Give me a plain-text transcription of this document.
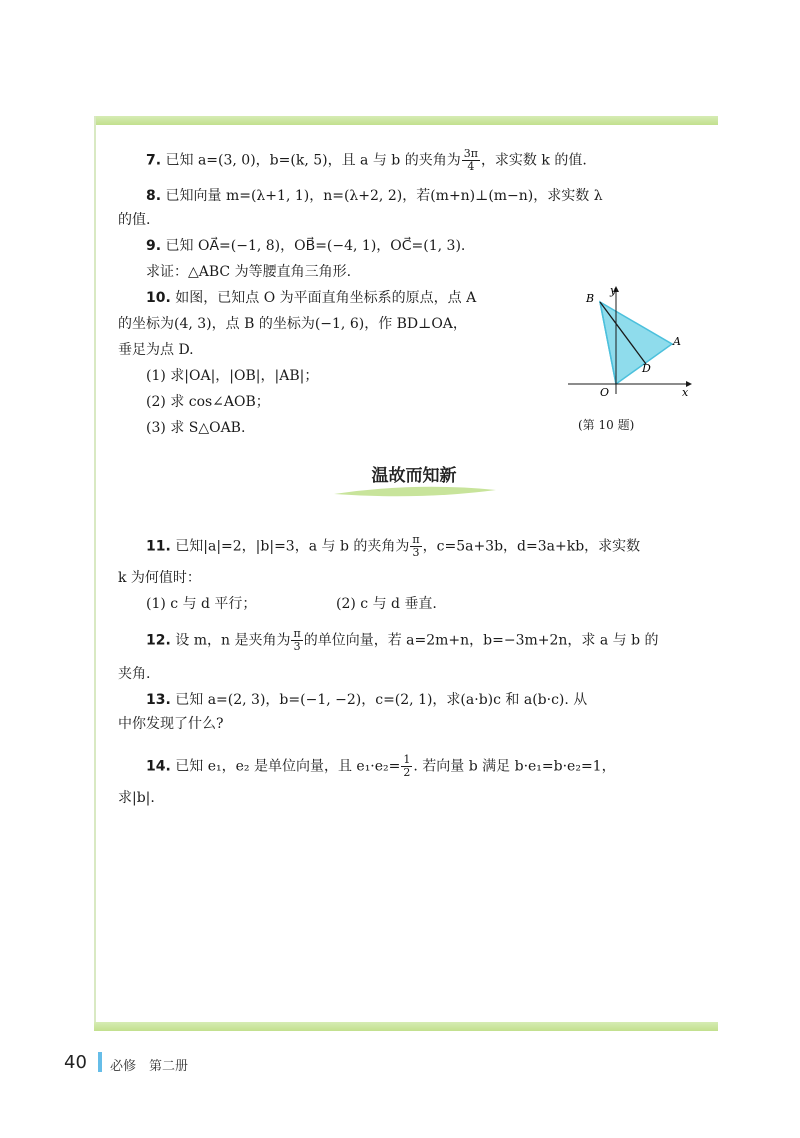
7. 已知 a=(3, 0)，b=(k, 5)，且 a 与 b 的夹角为 $\frac{3\pi}{4}$ ，求实数 k 的值.
8. 已知向量 m=(λ+1, 1)，n=(λ+2, 2)，若(m+n)⊥(m−n)，求实数 λ
的值.
9. 已知 OA⃗=(−1, 8)，OB⃗=(−4, 1)，OC⃗=(1, 3).
求证：△ABC 为等腰直角三角形.
10. 如图，已知点 O 为平面直角坐标系的原点，点 A
的坐标为(4, 3)，点 B 的坐标为(−1, 6)，作 BD⊥OA，
垂足为点 D.
(1) 求|OA|，|OB|，|AB|；
(2) 求 cos∠AOB；
(3) 求 S△OAB.
B
y
A
D
O	x
(第 10 题)
温故而知新
11. 已知|a|=2，|b|=3，a 与 b 的夹角为 $\frac{\pi}{3}$ ，c=5a+3b，d=3a+kb，求实数
k 为何值时：
(1) c 与 d 平行；	(2) c 与 d 垂直.
12. 设 m，n 是夹角为 $\frac{\pi}{3}$ 的单位向量，若 a=2m+n，b=−3m+2n，求 a 与 b 的
夹角.
13. 已知 a=(2, 3)，b=(−1, −2)，c=(2, 1)，求(a·b)c 和 a(b·c). 从
中你发现了什么?
14. 已知 e₁，e₂ 是单位向量，且 $e_1\cdot e_2= \frac{1}{2}$ . 若向量 b 满足 b·e₁=b·e₂=1，
求|b|.
40 必修　第二册
